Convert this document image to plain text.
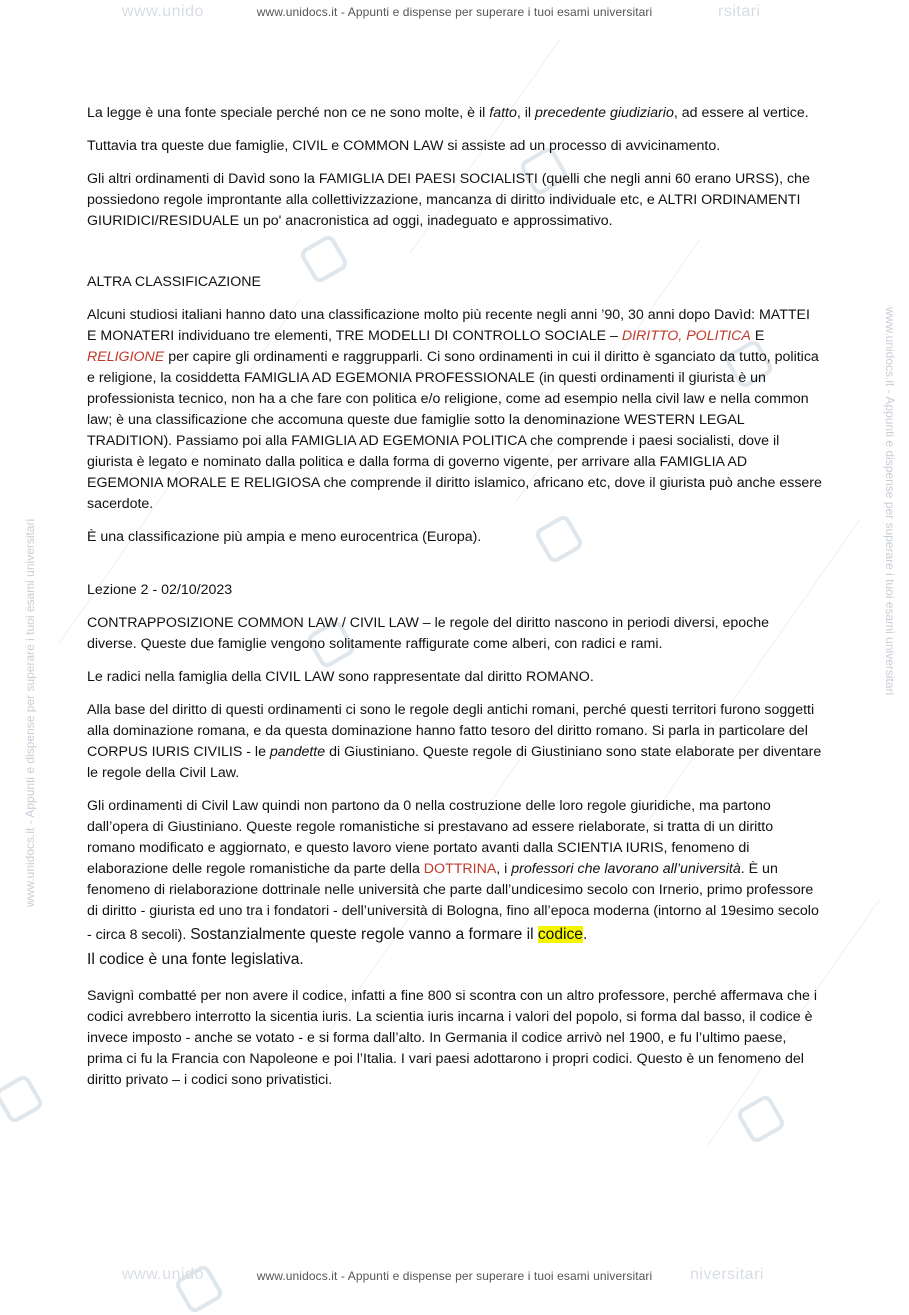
www.unidocs.it - Appunti e dispense per superare i tuoi esami universitari
www.unidocs.it - Appunti e dispense per superare i tuoi esami universitari
www.unido	www.unidocs.it - Appunti e dispense per superare i tuoi esami universitari	rsitari
www.unido	www.unidocs.it - Appunti e dispense per superare i tuoi esami universitari	niversitari

La legge è una fonte speciale perché non ce ne sono molte, è il fatto, il precedente giudiziario, ad essere al vertice.

Tuttavia tra queste due famiglie, CIVIL e COMMON LAW si assiste ad un processo di avvicinamento.

Gli altri ordinamenti di Davìd sono la FAMIGLIA DEI PAESI SOCIALISTI (quelli che negli anni 60 erano URSS), che possiedono regole improntante alla collettivizzazione, mancanza di diritto individuale etc, e ALTRI ORDINAMENTI GIURIDICI/RESIDUALE un po' anacronistica ad oggi, inadeguato e approssimativo.

ALTRA CLASSIFICAZIONE

Alcuni studiosi italiani hanno dato una classificazione molto più recente negli anni ’90, 30 anni dopo Davìd: MATTEI E MONATERI individuano tre elementi, TRE MODELLI DI CONTROLLO SOCIALE – DIRITTO, POLITICA E RELIGIONE per capire gli ordinamenti e raggrupparli. Ci sono ordinamenti in cui il diritto è sganciato da tutto, politica e religione, la cosiddetta FAMIGLIA AD EGEMONIA PROFESSIONALE (in questi ordinamenti il giurista è un professionista tecnico, non ha a che fare con politica e/o religione, come ad esempio nella civil law e nella common law; è una classificazione che accomuna queste due famiglie sotto la denominazione WESTERN LEGAL TRADITION). Passiamo poi alla FAMIGLIA AD EGEMONIA POLITICA che comprende i paesi socialisti, dove il giurista è legato e nominato dalla politica e dalla forma di governo vigente, per arrivare alla FAMIGLIA AD EGEMONIA MORALE E RELIGIOSA che comprende il diritto islamico, africano etc, dove il giurista può anche essere sacerdote.

È una classificazione più ampia e meno eurocentrica (Europa).

Lezione 2 - 02/10/2023

CONTRAPPOSIZIONE COMMON LAW / CIVIL LAW – le regole del diritto nascono in periodi diversi, epoche diverse. Queste due famiglie vengono solitamente raffigurate come alberi, con radici e rami.

Le radici nella famiglia della CIVIL LAW sono rappresentate dal diritto ROMANO.

Alla base del diritto di questi ordinamenti ci sono le regole degli antichi romani, perché questi territori furono soggetti alla dominazione romana, e da questa dominazione hanno fatto tesoro del diritto romano. Si parla in particolare del CORPUS IURIS CIVILIS - le pandette di Giustiniano. Queste regole di Giustiniano sono state elaborate per diventare le regole della Civil Law.

Gli ordinamenti di Civil Law quindi non partono da 0 nella costruzione delle loro regole giuridiche, ma partono dall’opera di Giustiniano. Queste regole romanistiche si prestavano ad essere rielaborate, si tratta di un diritto romano modificato e aggiornato, e questo lavoro viene portato avanti dalla SCIENTIA IURIS, fenomeno di elaborazione delle regole romanistiche da parte della DOTTRINA, i professori che lavorano all’università. È un fenomeno di rielaborazione dottrinale nelle università che parte dall’undicesimo secolo con Irnerio, primo professore di diritto - giurista ed uno tra i fondatori - dell’università di Bologna, fino all’epoca moderna (intorno al 19esimo secolo - circa 8 secoli). Sostanzialmente queste regole vanno a formare il codice.
Il codice è una fonte legislativa.

Savignì combatté per non avere il codice, infatti a fine 800 si scontra con un altro professore, perché affermava che i codici avrebbero interrotto la sicentia iuris. La scientia iuris incarna i valori del popolo, si forma dal basso, il codice è invece imposto - anche se votato - e si forma dall’alto. In Germania il codice arrivò nel 1900, e fu l’ultimo paese, prima ci fu la Francia con Napoleone e poi l’Italia. I vari paesi adottarono i propri codici. Questo è un fenomeno del diritto privato – i codici sono privatistici.
